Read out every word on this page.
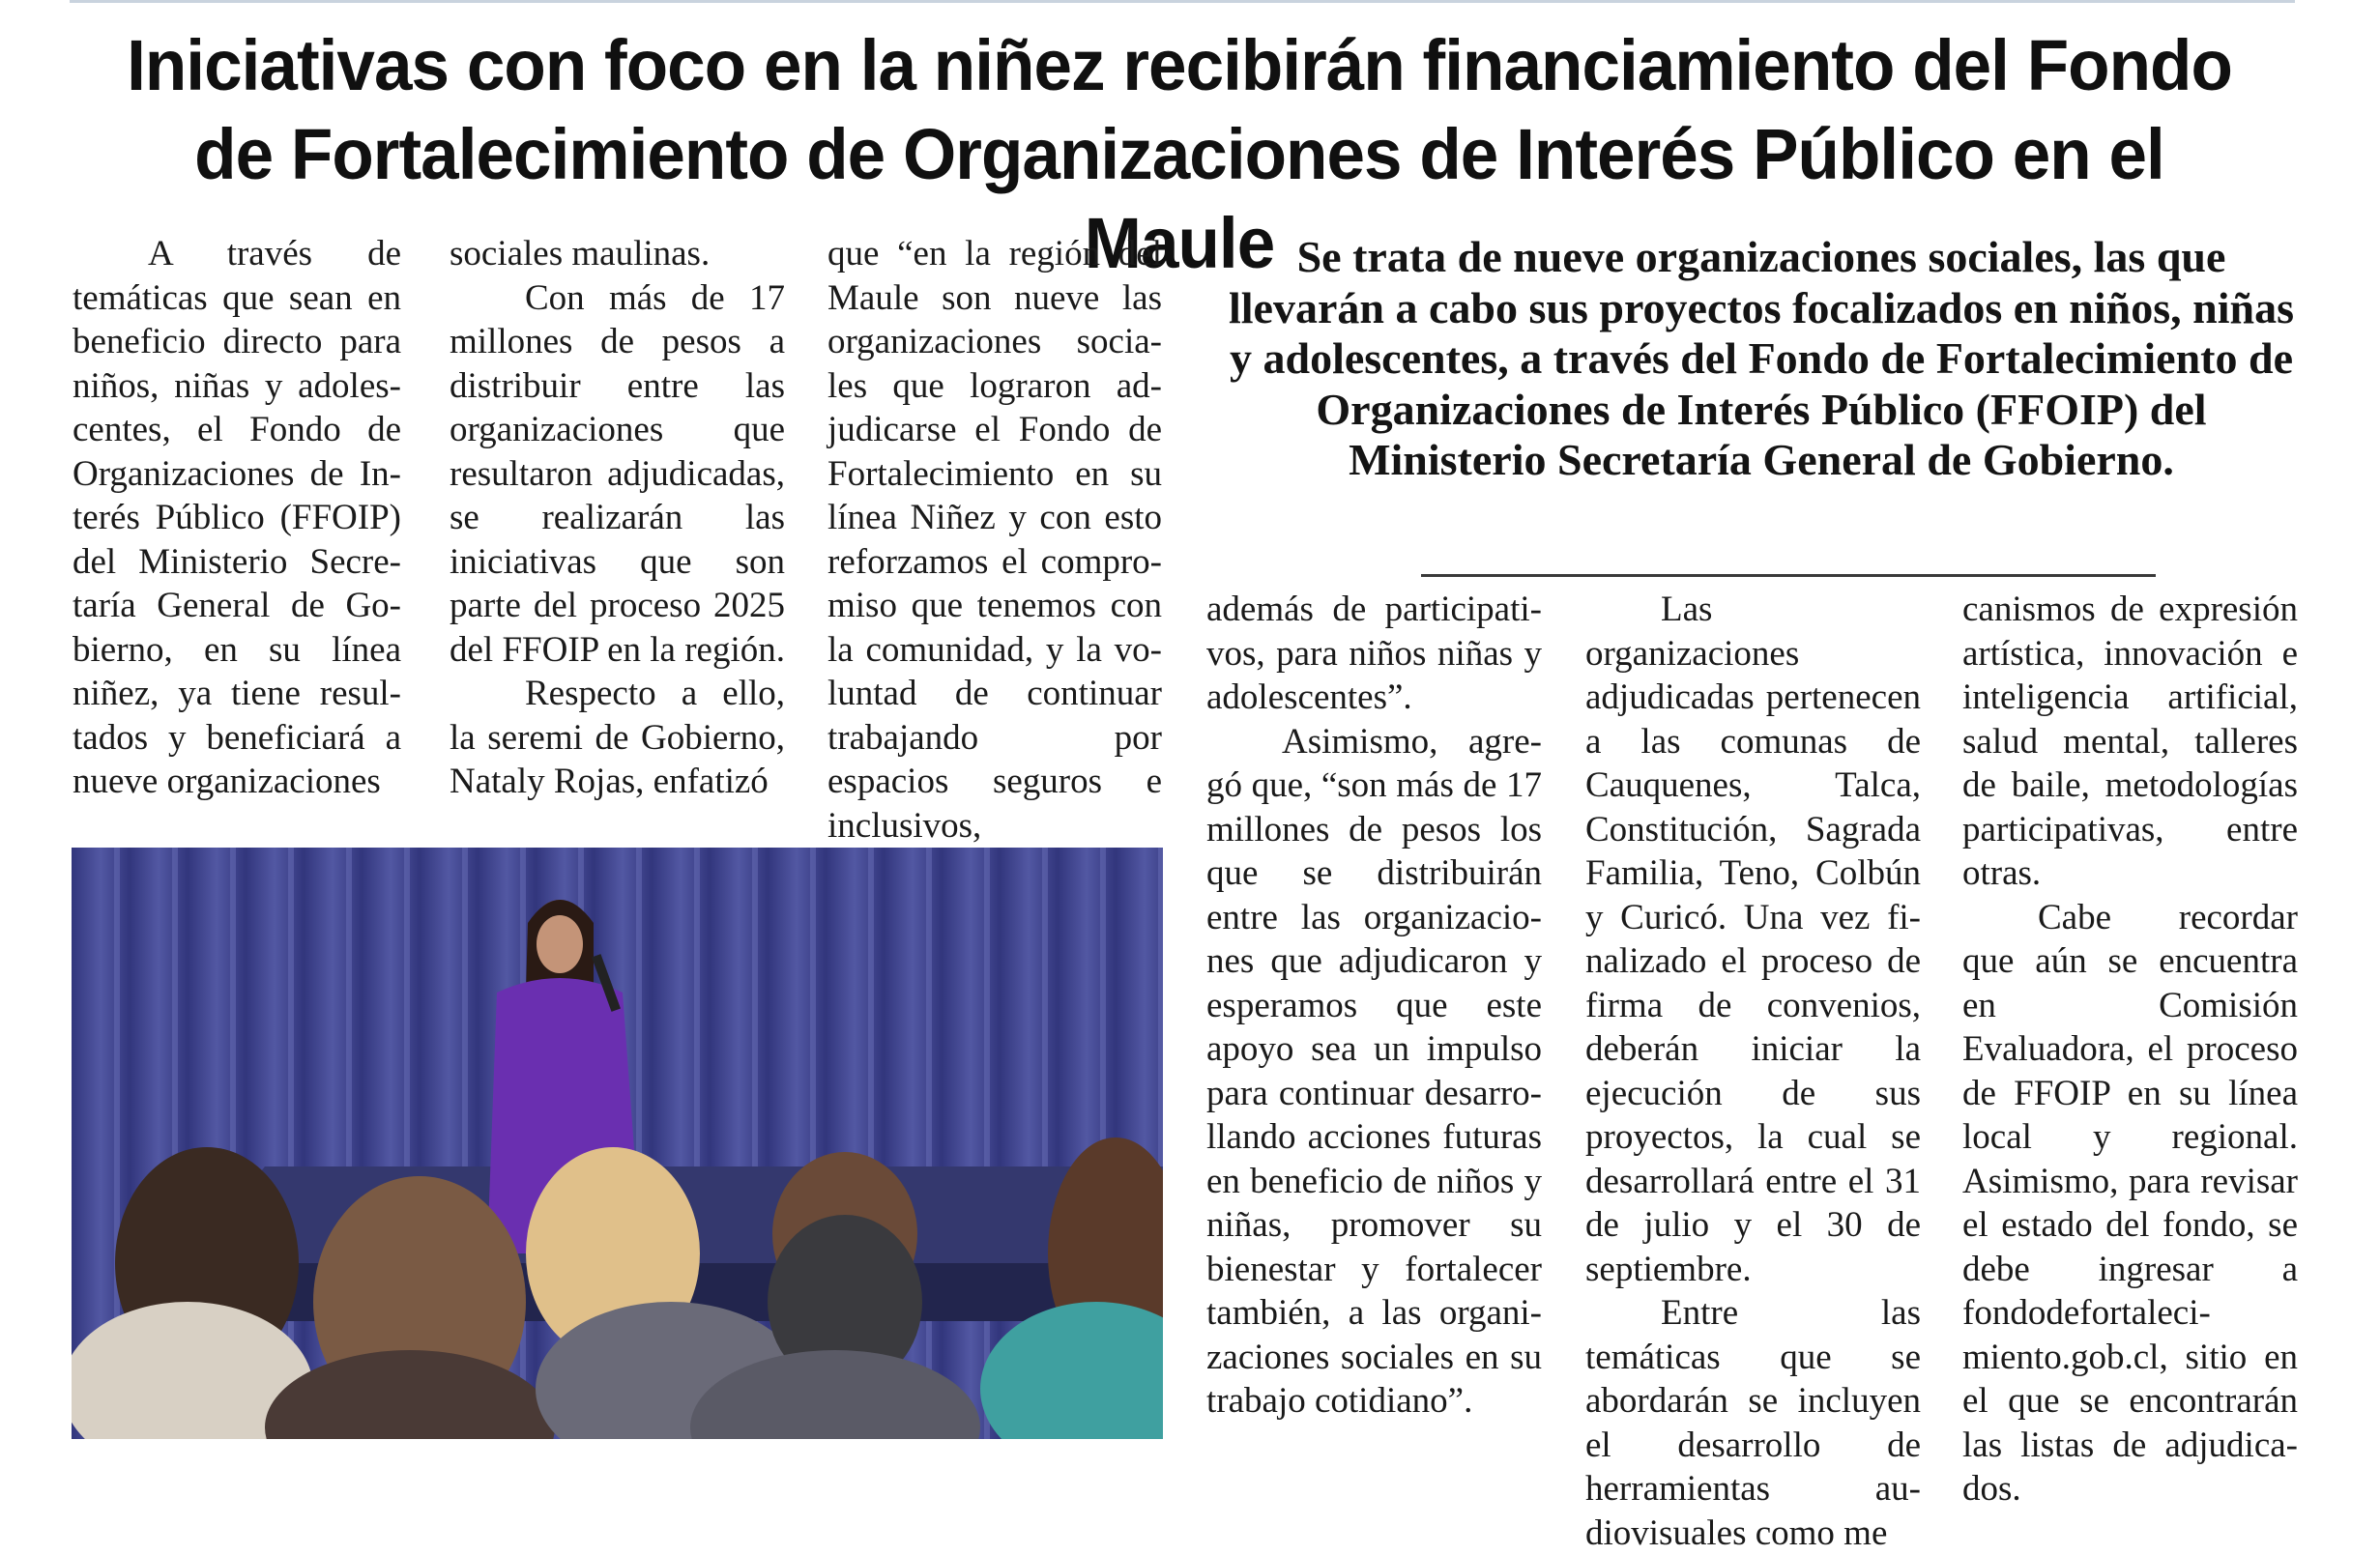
Iniciativas con foco en la niñez recibirán financiamiento del Fondo de Fortalecimiento de Organizaciones de Interés Público en el Maule

A través de temáticas que sean en beneficio directo para niños, niñas y adolescentes, el Fondo de Organizaciones de Interés Público (FFOIP) del Ministerio Secretaría General de Gobierno, en su línea niñez, ya tiene resultados y beneficiará a nueve organizaciones

sociales maulinas.

Con más de 17 millones de pesos a distribuir entre las organizaciones que resultaron adjudicadas, se realizarán las iniciativas que son parte del proceso 2025 del FFOIP en la región.

Respecto a ello, la seremi de Gobierno, Nataly Rojas, enfatizó

que “en la región del Maule son nueve las organizaciones sociales que lograron adjudicarse el Fondo de Fortalecimiento en su línea Niñez y con esto reforzamos el compromiso que tenemos con la comunidad, y la voluntad de continuar trabajando por espacios seguros e inclusivos,

Se trata de nueve organizaciones sociales, las que llevarán a cabo sus proyectos focalizados en niños, niñas y adolescentes, a través del Fondo de Fortalecimiento de Organizaciones de Interés Público (FFOIP) del Ministerio Secretaría General de Gobierno.

además de participativos, para niños niñas y adolescentes”.

Asimismo, agregó que, “son más de 17 millones de pesos los que se distribuirán entre las organizaciones que adjudicaron y esperamos que este apoyo sea un impulso para continuar desarrollando acciones futuras en beneficio de niños y niñas, promover su bienestar y fortalecer también, a las organizaciones sociales en su trabajo cotidiano”.

Las organizaciones adjudicadas pertenecen a las comunas de Cauquenes, Talca, Constitución, Sagrada Familia, Teno, Colbún y Curicó. Una vez finalizado el proceso de firma de convenios, deberán iniciar la ejecución de sus proyectos, la cual se desarrollará entre el 31 de julio y el 30 de septiembre.

Entre las temáticas que se abordarán se incluyen el desarrollo de herramientas audiovisuales como me

canismos de expresión artística, innovación e inteligencia artificial, salud mental, talleres de baile, metodologías participativas, entre otras.

Cabe recordar que aún se encuentra en Comisión Evaluadora, el proceso de FFOIP en su línea local y regional. Asimismo, para revisar el estado del fondo, se debe ingresar a fondodefortalecimiento.gob.cl, sitio en el que se encontrarán las listas de adjudicados.
